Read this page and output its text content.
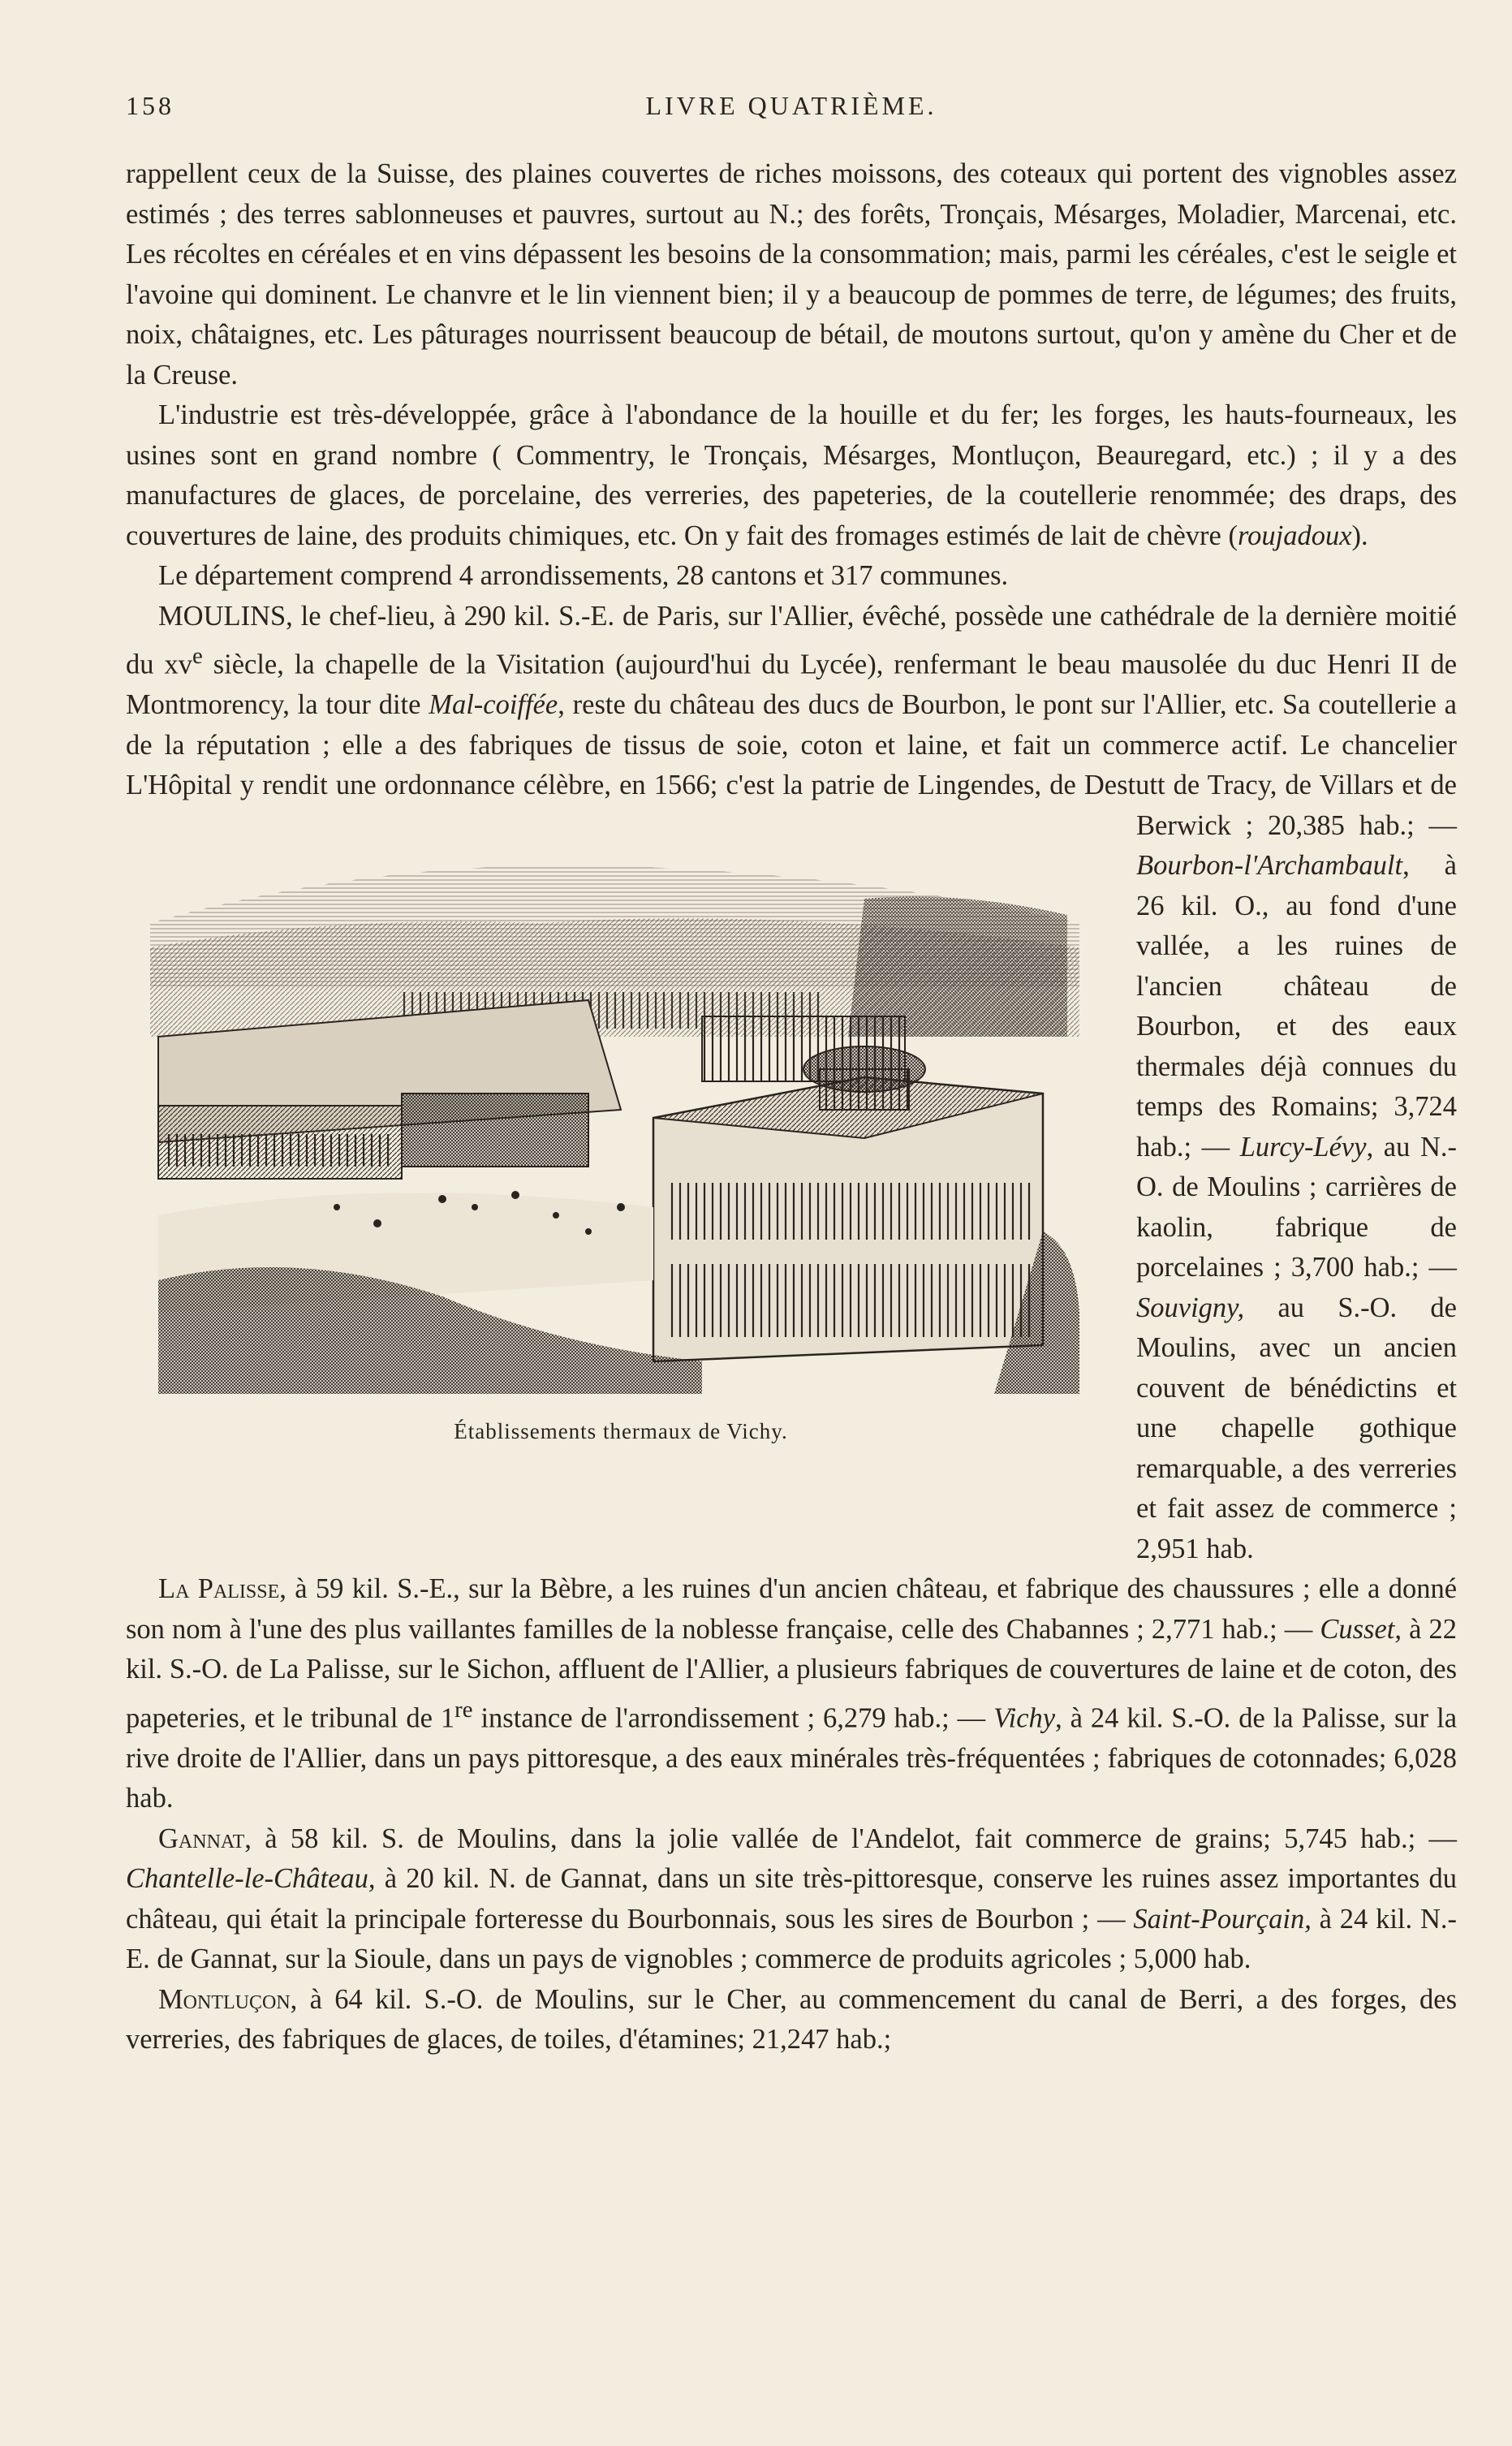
158	LIVRE QUATRIÈME.

rappellent ceux de la Suisse, des plaines couvertes de riches moissons, des coteaux qui portent des vignobles assez estimés ; des terres sablonneuses et pauvres, surtout au N.; des forêts, Tronçais, Mésarges, Moladier, Marcenai, etc. Les récoltes en céréales et en vins dépassent les besoins de la consommation; mais, parmi les céréales, c'est le seigle et l'avoine qui dominent. Le chanvre et le lin viennent bien; il y a beaucoup de pommes de terre, de légumes; des fruits, noix, châtaignes, etc. Les pâturages nourrissent beaucoup de bétail, de moutons surtout, qu'on y amène du Cher et de la Creuse.

L'industrie est très-développée, grâce à l'abondance de la houille et du fer; les forges, les hauts-fourneaux, les usines sont en grand nombre ( Commentry, le Tronçais, Mésarges, Montluçon, Beauregard, etc.) ; il y a des manufactures de glaces, de porcelaine, des verreries, des papeteries, de la coutellerie renommée; des draps, des couvertures de laine, des produits chimiques, etc. On y fait des fromages estimés de lait de chèvre (roujadoux).

Le département comprend 4 arrondissements, 28 cantons et 317 communes.

MOULINS, le chef-lieu, à 290 kil. S.-E. de Paris, sur l'Allier, évêché, possède une cathédrale de la dernière moitié du $xv^e$ siècle, la chapelle de la Visitation (aujourd'hui du Lycée), renfermant le beau mausolée du duc Henri II de Montmorency, la tour dite Mal-coiffée, reste du château des ducs de Bourbon, le pont sur l'Allier, etc. Sa coutellerie a de la réputation ; elle a des fabriques de tissus de soie, coton et laine, et fait un commerce actif. Le chancelier L'Hôpital y rendit une ordonnance célèbre, en 1566; c'est la patrie de Lingendes, de Destutt de Tracy, de Villars et de Berwick ; 20,385 hab.; —
Établissements thermaux de Vichy.
Bourbon-l'Archambault, à 26 kil. O., au fond d'une vallée, a les ruines de l'ancien château de Bourbon, et des eaux thermales déjà connues du temps des Romains; 3,724 hab.; — Lurcy-Lévy, au N.-O. de Moulins ; carrières de kaolin, fabrique de porcelaines ; 3,700 hab.; — Souvigny, au S.-O. de Moulins, avec un ancien couvent de bénédictins et une chapelle gothique remarquable, a des verreries et fait assez de commerce ; 2,951 hab.

La Palisse, à 59 kil. S.-E., sur la Bèbre, a les ruines d'un ancien château, et fabrique des chaussures ; elle a donné son nom à l'une des plus vaillantes familles de la noblesse française, celle des Chabannes ; 2,771 hab.; — Cusset, à 22 kil. S.-O. de La Palisse, sur le Sichon, affluent de l'Allier, a plusieurs fabriques de couvertures de laine et de coton, des papeteries, et le tribunal de 1re instance de l'arrondissement ; 6,279 hab.; — Vichy, à 24 kil. S.-O. de la Palisse, sur la rive droite de l'Allier, dans un pays pittoresque, a des eaux minérales très-fréquentées ; fabriques de cotonnades; 6,028 hab.

Gannat, à 58 kil. S. de Moulins, dans la jolie vallée de l'Andelot, fait commerce de grains; 5,745 hab.; — Chantelle-le-Château, à 20 kil. N. de Gannat, dans un site très-pittoresque, conserve les ruines assez importantes du château, qui était la principale forteresse du Bourbonnais, sous les sires de Bourbon ; — Saint-Pourçain, à 24 kil. N.-E. de Gannat, sur la Sioule, dans un pays de vignobles ; commerce de produits agricoles ; 5,000 hab.

Montluçon, à 64 kil. S.-O. de Moulins, sur le Cher, au commencement du canal de Berri, a des forges, des verreries, des fabriques de glaces, de toiles, d'étamines; 21,247 hab.;
